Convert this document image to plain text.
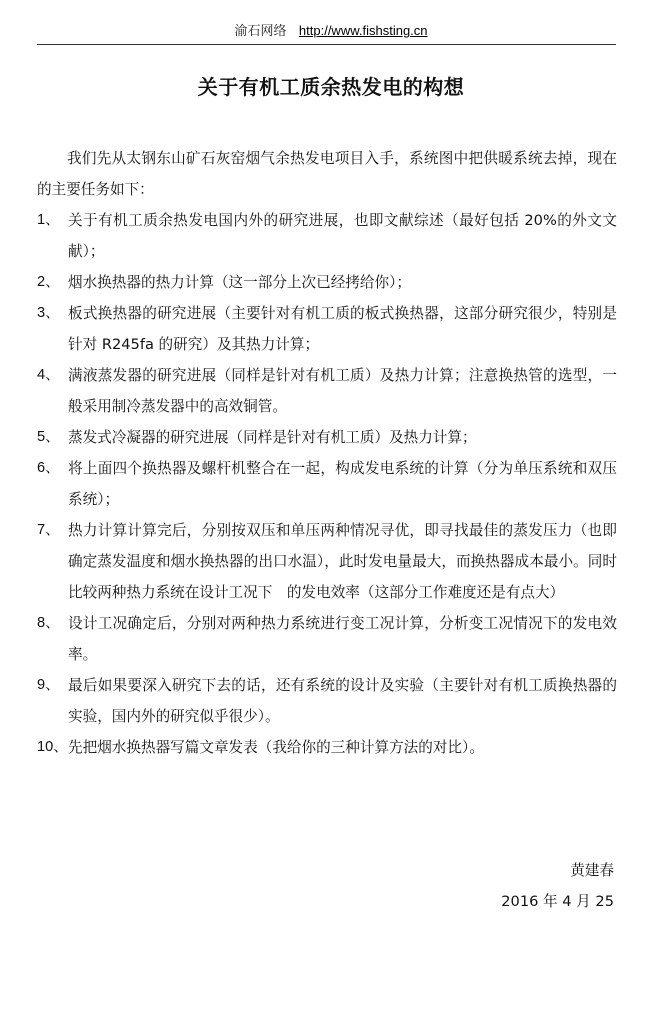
渝石网络 http://www.fishsting.cn
关于有机工质余热发电的构想

我们先从太钢东山矿石灰窑烟气余热发电项目入手，系统图中把供暖系统去掉，现在的主要任务如下：

1、 关于有机工质余热发电国内外的研究进展，也即文献综述（最好包括 20%的外文文献）；
2、 烟水换热器的热力计算（这一部分上次已经拷给你）；
3、 板式换热器的研究进展（主要针对有机工质的板式换热器，这部分研究很少，特别是针对 R245fa 的研究）及其热力计算；
4、 满液蒸发器的研究进展（同样是针对有机工质）及热力计算；注意换热管的选型，一般采用制冷蒸发器中的高效铜管。
5、 蒸发式冷凝器的研究进展（同样是针对有机工质）及热力计算；
6、 将上面四个换热器及螺杆机整合在一起，构成发电系统的计算（分为单压系统和双压系统）；
7、 热力计算计算完后，分别按双压和单压两种情况寻优，即寻找最佳的蒸发压力（也即确定蒸发温度和烟水换热器的出口水温），此时发电量最大，而换热器成本最小。同时比较两种热力系统在设计工况下　的发电效率（这部分工作难度还是有点大）
8、 设计工况确定后，分别对两种热力系统进行变工况计算，分析变工况情况下的发电效率。
9、 最后如果要深入研究下去的话，还有系统的设计及实验（主要针对有机工质换热器的实验，国内外的研究似乎很少）。
10、 先把烟水换热器写篇文章发表（我给你的三种计算方法的对比）。
黄建春
2016 年 4 月 25
